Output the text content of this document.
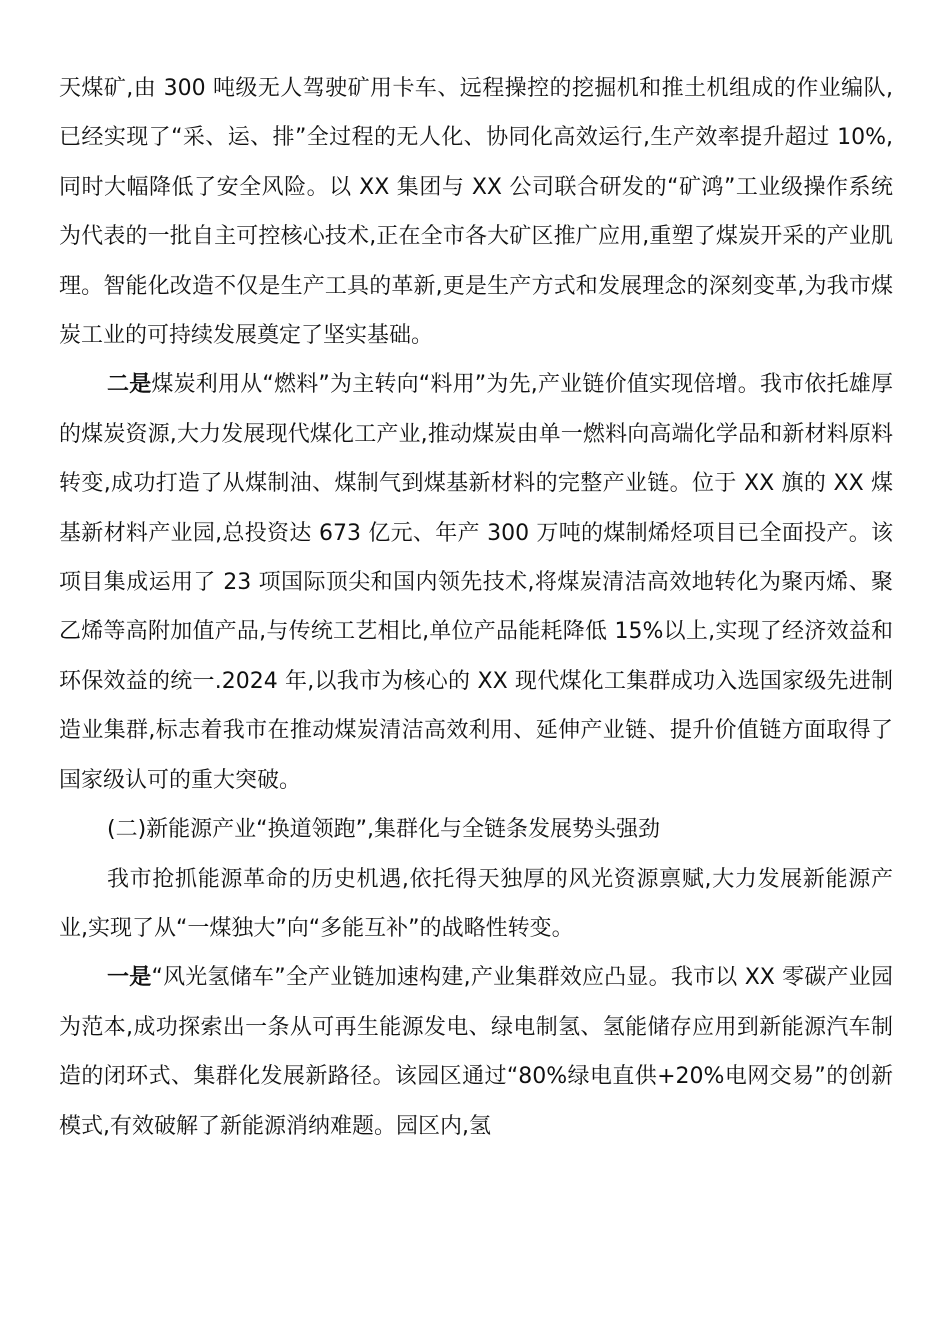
天煤矿,由 300 吨级无人驾驶矿用卡车、远程操控的挖掘机和推土机组成的作业编队,已经实现了“采、运、排”全过程的无人化、协同化高效运行,生产效率提升超过 10%,同时大幅降低了安全风险。以 XX 集团与 XX 公司联合研发的“矿鸿”工业级操作系统为代表的一批自主可控核心技术,正在全市各大矿区推广应用,重塑了煤炭开采的产业肌理。智能化改造不仅是生产工具的革新,更是生产方式和发展理念的深刻变革,为我市煤炭工业的可持续发展奠定了坚实基础。

二是煤炭利用从“燃料”为主转向“料用”为先,产业链价值实现倍增。我市依托雄厚的煤炭资源,大力发展现代煤化工产业,推动煤炭由单一燃料向高端化学品和新材料原料转变,成功打造了从煤制油、煤制气到煤基新材料的完整产业链。位于 XX 旗的 XX 煤基新材料产业园,总投资达 673 亿元、年产 300 万吨的煤制烯烃项目已全面投产。该项目集成运用了 23 项国际顶尖和国内领先技术,将煤炭清洁高效地转化为聚丙烯、聚乙烯等高附加值产品,与传统工艺相比,单位产品能耗降低 15%以上,实现了经济效益和环保效益的统一.2024 年,以我市为核心的 XX 现代煤化工集群成功入选国家级先进制造业集群,标志着我市在推动煤炭清洁高效利用、延伸产业链、提升价值链方面取得了国家级认可的重大突破。

(二)新能源产业“换道领跑”,集群化与全链条发展势头强劲

我市抢抓能源革命的历史机遇,依托得天独厚的风光资源禀赋,大力发展新能源产业,实现了从“一煤独大”向“多能互补”的战略性转变。

一是“风光氢储车”全产业链加速构建,产业集群效应凸显。我市以 XX 零碳产业园为范本,成功探索出一条从可再生能源发电、绿电制氢、氢能储存应用到新能源汽车制造的闭环式、集群化发展新路径。该园区通过“80%绿电直供+20%电网交易”的创新模式,有效破解了新能源消纳难题。园区内,氢
